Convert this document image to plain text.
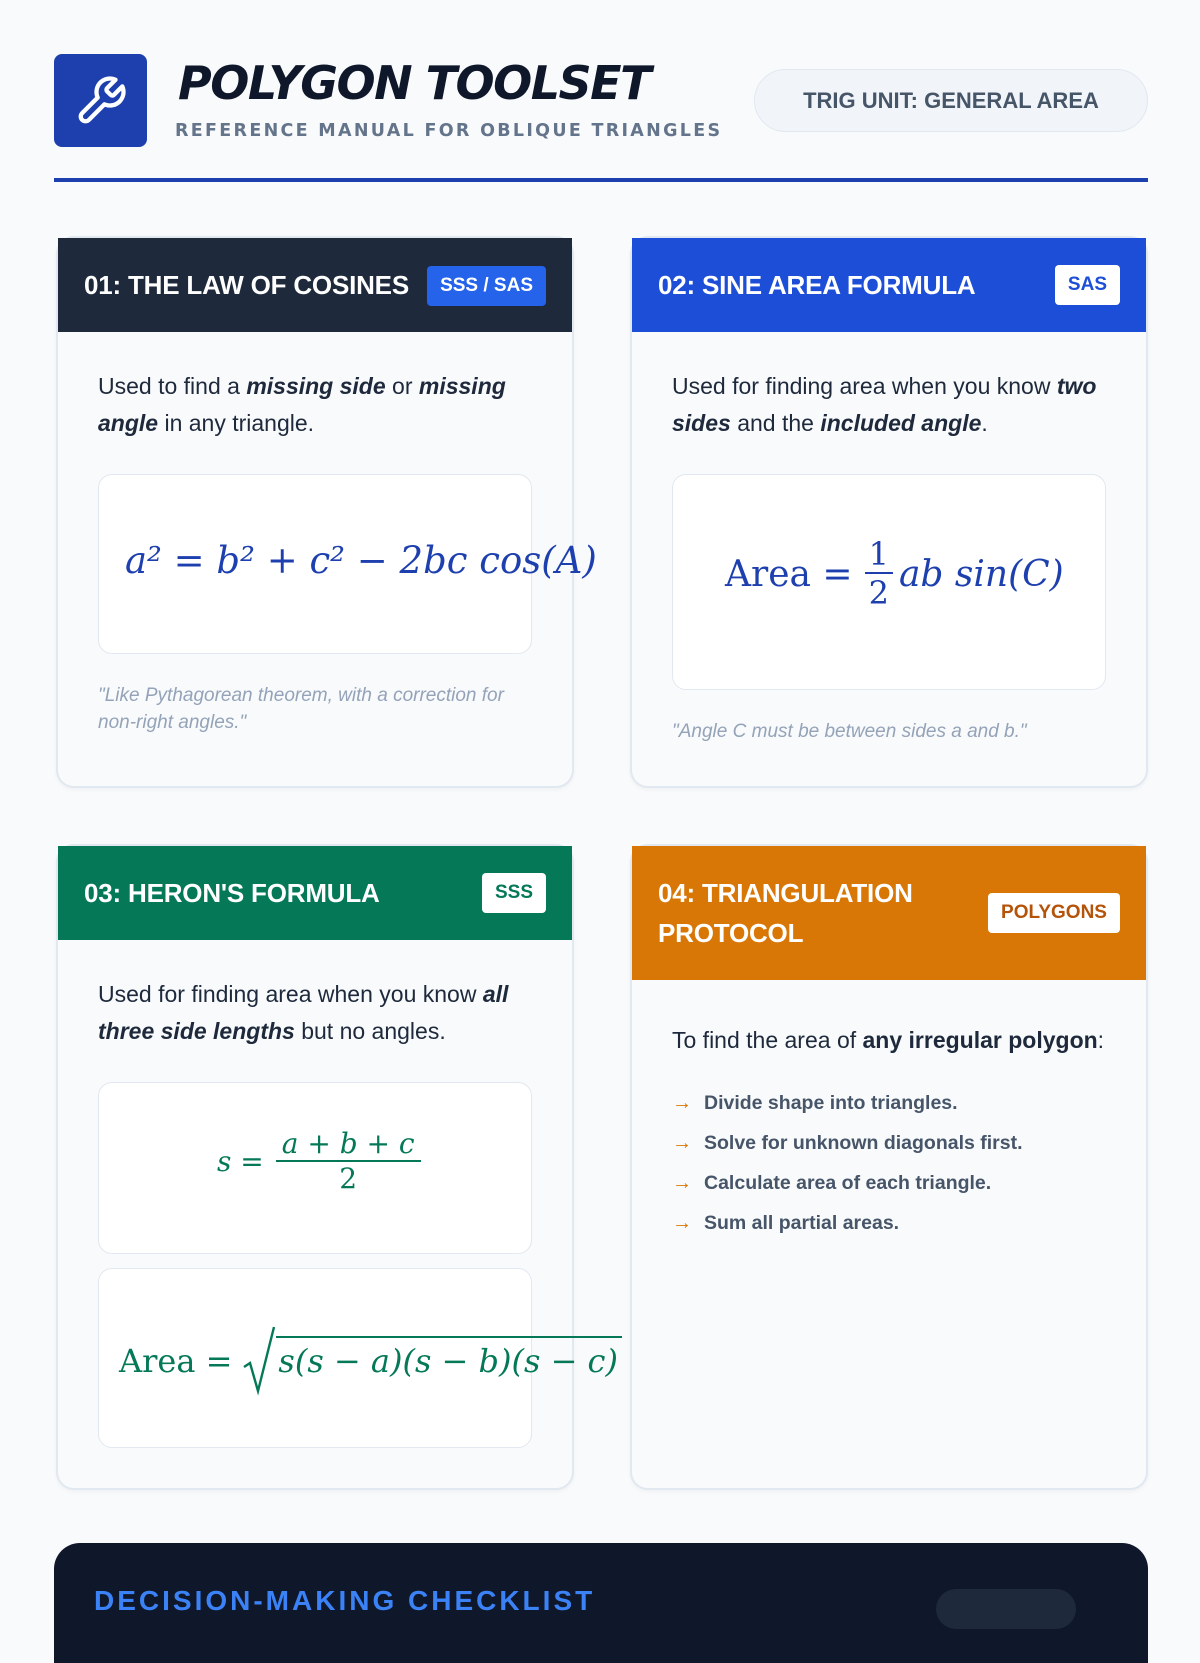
POLYGON TOOLSET
REFERENCE MANUAL FOR OBLIQUE TRIANGLES
TRIG UNIT: GENERAL AREA
01: THE LAW OF COSINES	SSS / SAS

Used to find a missing side or missing angle in any triangle.

a² = b² + c² − 2bc cos(A)

"Like Pythagorean theorem, with a correction for non-right angles."

02: SINE AREA FORMULA	SAS

Used for finding area when you know two sides and the included angle.

Area = $\frac{1}{2}$ ab sin(C)

"Angle C must be between sides a and b."

03: HERON'S FORMULA	SSS

Used for finding area when you know all three side lengths but no angles.

$s = \frac{a + b + c}{2}$
Area = s(s − a)(s − b)(s − c)
04: TRIANGULATION PROTOCOL
POLYGONS

To find the area of any irregular polygon:

→ Divide shape into triangles.
→ Solve for unknown diagonals first.
→ Calculate area of each triangle.
→ Sum all partial areas.
DECISION-MAKING CHECKLIST
